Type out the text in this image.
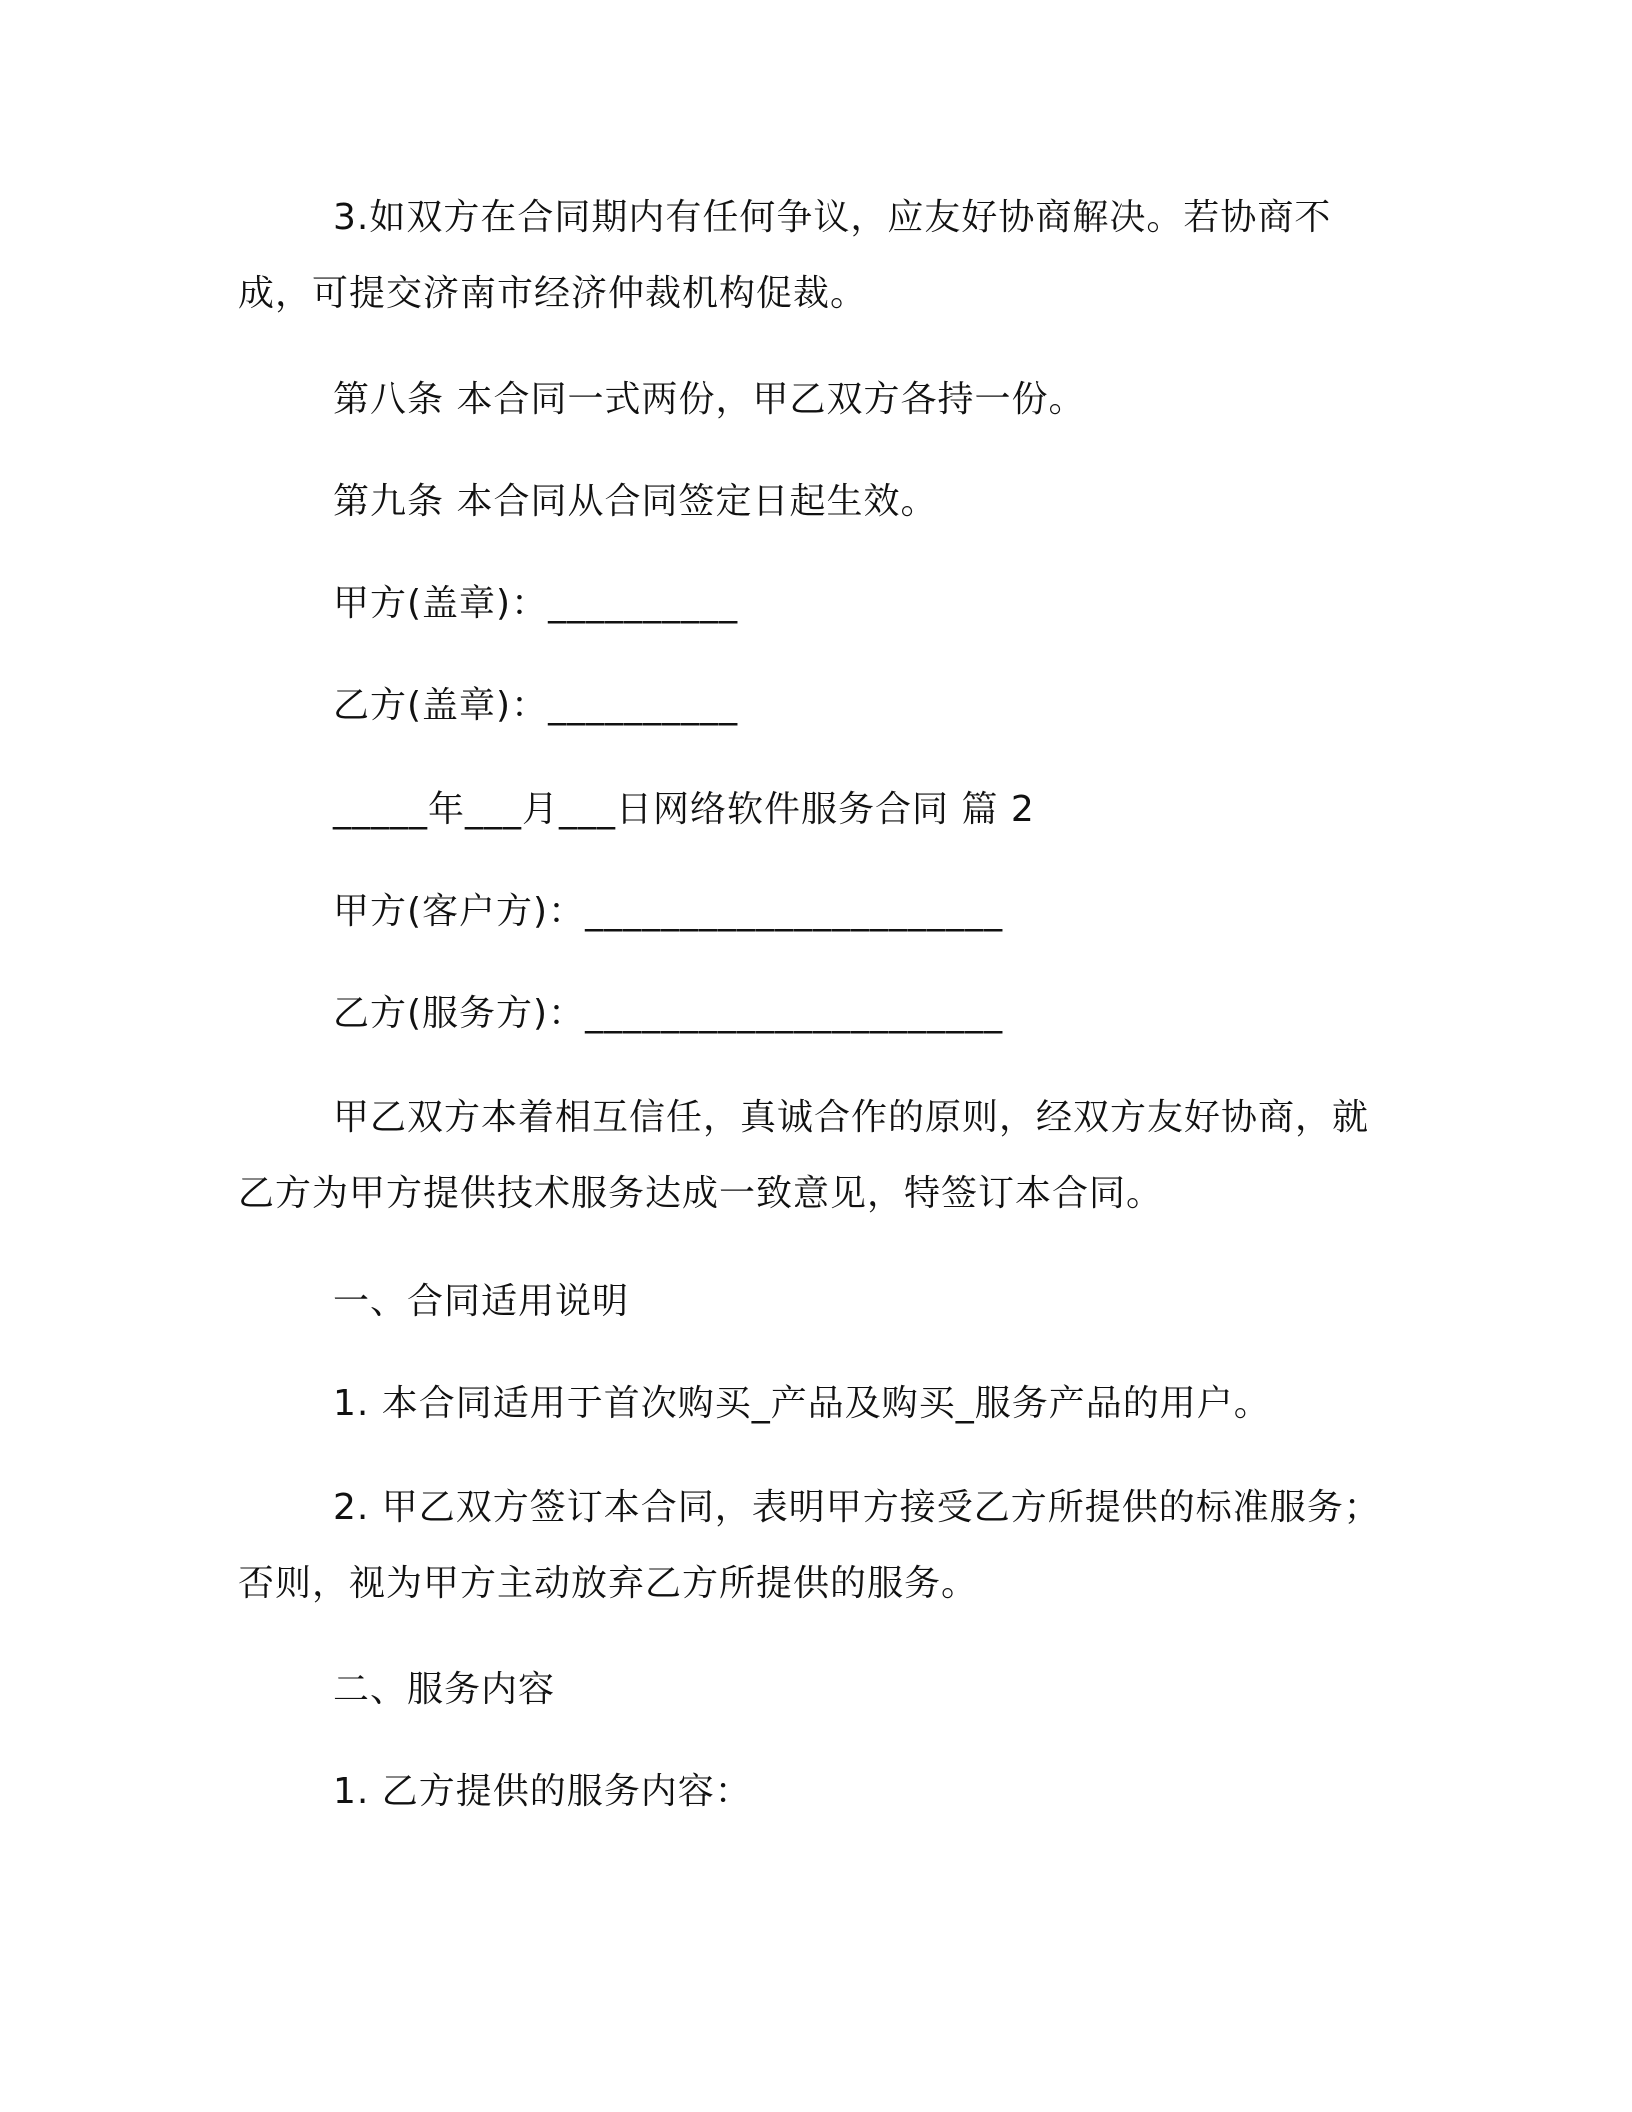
3.如双方在合同期内有任何争议，应友好协商解决。若协商不成，可提交济南市经济仲裁机构促裁。

第八条 本合同一式两份，甲乙双方各持一份。

第九条 本合同从合同签定日起生效。

甲方(盖章)：__________

乙方(盖章)：__________

_____年___月___日网络软件服务合同 篇 2

甲方(客户方)：______________________

乙方(服务方)：______________________

甲乙双方本着相互信任，真诚合作的原则，经双方友好协商，就乙方为甲方提供技术服务达成一致意见，特签订本合同。

一、合同适用说明

1. 本合同适用于首次购买_产品及购买_服务产品的用户。

2. 甲乙双方签订本合同，表明甲方接受乙方所提供的标准服务；否则，视为甲方主动放弃乙方所提供的服务。

二、服务内容

1. 乙方提供的服务内容：
